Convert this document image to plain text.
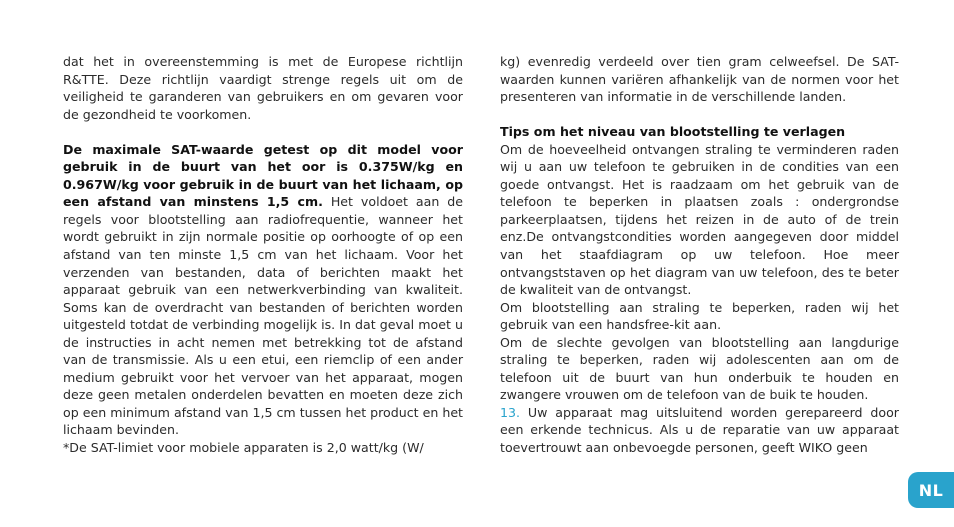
dat het in overeenstemming is met de Europese richtlijn R&TTE. Deze richtlijn vaardigt strenge regels uit om de veiligheid te garanderen van gebruikers en om gevaren voor de gezondheid te voorkomen.

De maximale SAT-waarde getest op dit model voor gebruik in de buurt van het oor is 0.375W/kg en 0.967W/kg voor gebruik in de buurt van het lichaam, op een afstand van minstens 1,5 cm. Het voldoet aan de regels voor blootstelling aan radiofrequentie, wanneer het wordt gebruikt in zijn normale positie op oorhoogte of op een afstand van ten minste 1,5 cm van het lichaam. Voor het verzenden van bestanden, data of berichten maakt het apparaat gebruik van een netwerkverbinding van kwaliteit. Soms kan de overdracht van bestanden of berichten worden uitgesteld totdat de verbinding mogelijk is. In dat geval moet u de instructies in acht nemen met betrekking tot de afstand van de transmissie. Als u een etui, een riemclip of een ander medium gebruikt voor het vervoer van het apparaat, mogen deze geen metalen onderdelen bevatten en moeten deze zich op een minimum afstand van 1,5 cm tussen het product en het lichaam bevinden.

*De SAT-limiet voor mobiele apparaten is 2,0 watt/kg (W/

kg) evenredig verdeeld over tien gram celweefsel. De SAT-waarden kunnen variëren afhankelijk van de normen voor het presenteren van informatie in de verschillende landen.

Tips om het niveau van blootstelling te verlagen

Om de hoeveelheid ontvangen straling te verminderen raden wij u aan uw telefoon te gebruiken in de condities van een goede ontvangst. Het is raadzaam om het gebruik van de telefoon te beperken in plaatsen zoals : ondergrondse parkeerplaatsen, tijdens het reizen in de auto of de trein enz.De ontvangstcondities worden aangegeven door middel van het staafdiagram op uw telefoon. Hoe meer ontvangststaven op het diagram van uw telefoon, des te beter de kwaliteit van de ontvangst.

Om blootstelling aan straling te beperken, raden wij het gebruik van een handsfree-kit aan.

Om de slechte gevolgen van blootstelling aan langdurige straling te beperken, raden wij adolescenten aan om de telefoon uit de buurt van hun onderbuik te houden en zwangere vrouwen om de telefoon van de buik te houden.

13. Uw apparaat mag uitsluitend worden gerepareerd door een erkende technicus. Als u de reparatie van uw apparaat toevertrouwt aan onbevoegde personen, geeft WIKO geen

NL
